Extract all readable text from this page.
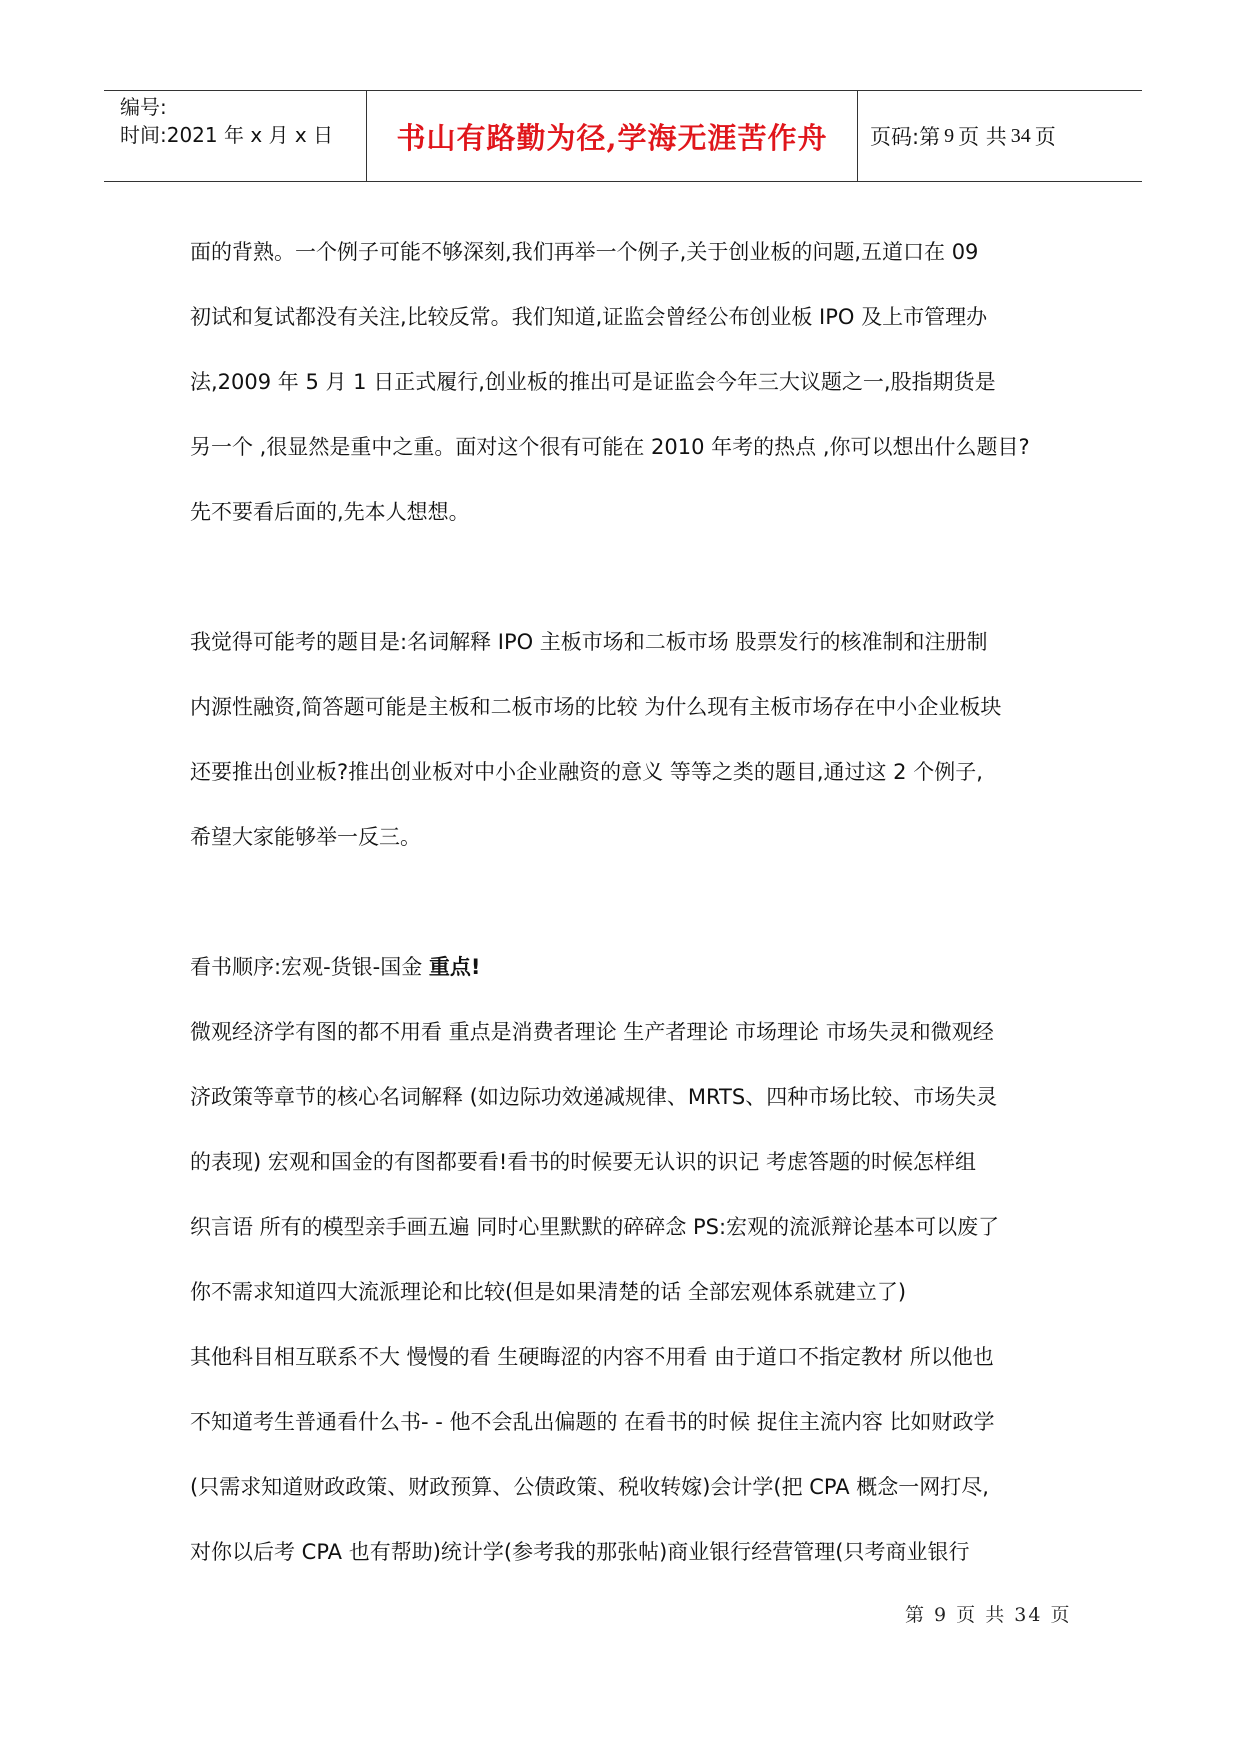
编号:
时间:2021 年 x 月 x 日	书山有路勤为径,学海无涯苦作舟 页码:第 9 页 共 34 页

面的背熟。一个例子可能不够深刻,我们再举一个例子,关于创业板的问题,五道口在 09

初试和复试都没有关注,比较反常。我们知道,证监会曾经公布创业板 IPO 及上市管理办

法,2009 年 5 月 1 日正式履行,创业板的推出可是证监会今年三大议题之一,股指期货是

另一个 ,很显然是重中之重。面对这个很有可能在 2010 年考的热点 ,你可以想出什么题目?

先不要看后面的,先本人想想。

我觉得可能考的题目是:名词解释 IPO 主板市场和二板市场 股票发行的核准制和注册制

内源性融资,简答题可能是主板和二板市场的比较 为什么现有主板市场存在中小企业板块

还要推出创业板?推出创业板对中小企业融资的意义 等等之类的题目,通过这 2 个例子,

希望大家能够举一反三。

看书顺序:宏观-货银-国金 重点!

微观经济学有图的都不用看 重点是消费者理论 生产者理论 市场理论 市场失灵和微观经

济政策等章节的核心名词解释 (如边际功效递减规律、MRTS、四种市场比较、市场失灵

的表现) 宏观和国金的有图都要看!看书的时候要无认识的识记 考虑答题的时候怎样组

织言语 所有的模型亲手画五遍 同时心里默默的碎碎念 PS:宏观的流派辩论基本可以废了

你不需求知道四大流派理论和比较(但是如果清楚的话 全部宏观体系就建立了)

其他科目相互联系不大 慢慢的看 生硬晦涩的内容不用看 由于道口不指定教材 所以他也

不知道考生普通看什么书- - 他不会乱出偏题的 在看书的时候 捉住主流内容 比如财政学

(只需求知道财政政策、财政预算、公债政策、税收转嫁)会计学(把 CPA 概念一网打尽,

对你以后考 CPA 也有帮助)统计学(参考我的那张帖)商业银行经营管理(只考商业银行

第 9 页 共 34 页
